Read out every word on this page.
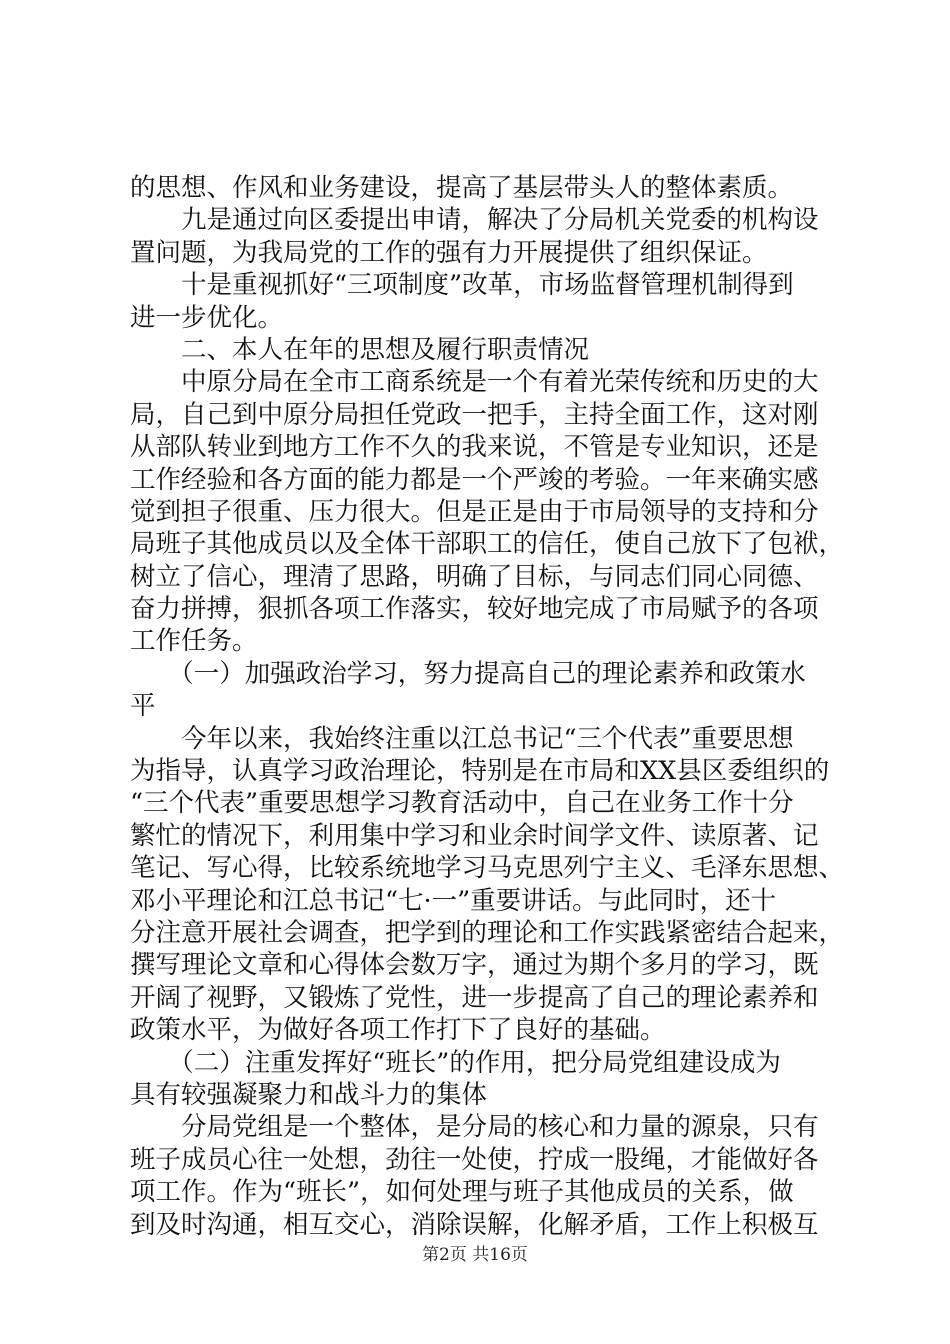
的思想、作风和业务建设，提高了基层带头人的整体素质。
　　九是通过向区委提出申请，解决了分局机关党委的机构设
置问题，为我局党的工作的强有力开展提供了组织保证。
　　十是重视抓好“三项制度”改革，市场监督管理机制得到
进一步优化。
　　二、本人在年的思想及履行职责情况
　　中原分局在全市工商系统是一个有着光荣传统和历史的大
局，自己到中原分局担任党政一把手，主持全面工作，这对刚
从部队转业到地方工作不久的我来说，不管是专业知识，还是
工作经验和各方面的能力都是一个严竣的考验。一年来确实感
觉到担子很重、压力很大。但是正是由于市局领导的支持和分
局班子其他成员以及全体干部职工的信任，使自己放下了包袱，
树立了信心，理清了思路，明确了目标，与同志们同心同德、
奋力拼搏，狠抓各项工作落实，较好地完成了市局赋予的各项
工作任务。
　　（一）加强政治学习，努力提高自己的理论素养和政策水
平
　　今年以来，我始终注重以江总书记“三个代表”重要思想
为指导，认真学习政治理论，特别是在市局和XX县区委组织的
“三个代表”重要思想学习教育活动中，自己在业务工作十分
繁忙的情况下，利用集中学习和业余时间学文件、读原著、记
笔记、写心得，比较系统地学习马克思列宁主义、毛泽东思想、
邓小平理论和江总书记“七·一”重要讲话。与此同时，还十
分注意开展社会调查，把学到的理论和工作实践紧密结合起来，
撰写理论文章和心得体会数万字，通过为期个多月的学习，既
开阔了视野，又锻炼了党性，进一步提高了自己的理论素养和
政策水平，为做好各项工作打下了良好的基础。
　　（二）注重发挥好“班长”的作用，把分局党组建设成为
具有较强凝聚力和战斗力的集体
　　分局党组是一个整体，是分局的核心和力量的源泉，只有
班子成员心往一处想，劲往一处使，拧成一股绳，才能做好各
项工作。作为“班长”，如何处理与班子其他成员的关系，做
到及时沟通，相互交心，消除误解，化解矛盾，工作上积极互
第2页 共16页
